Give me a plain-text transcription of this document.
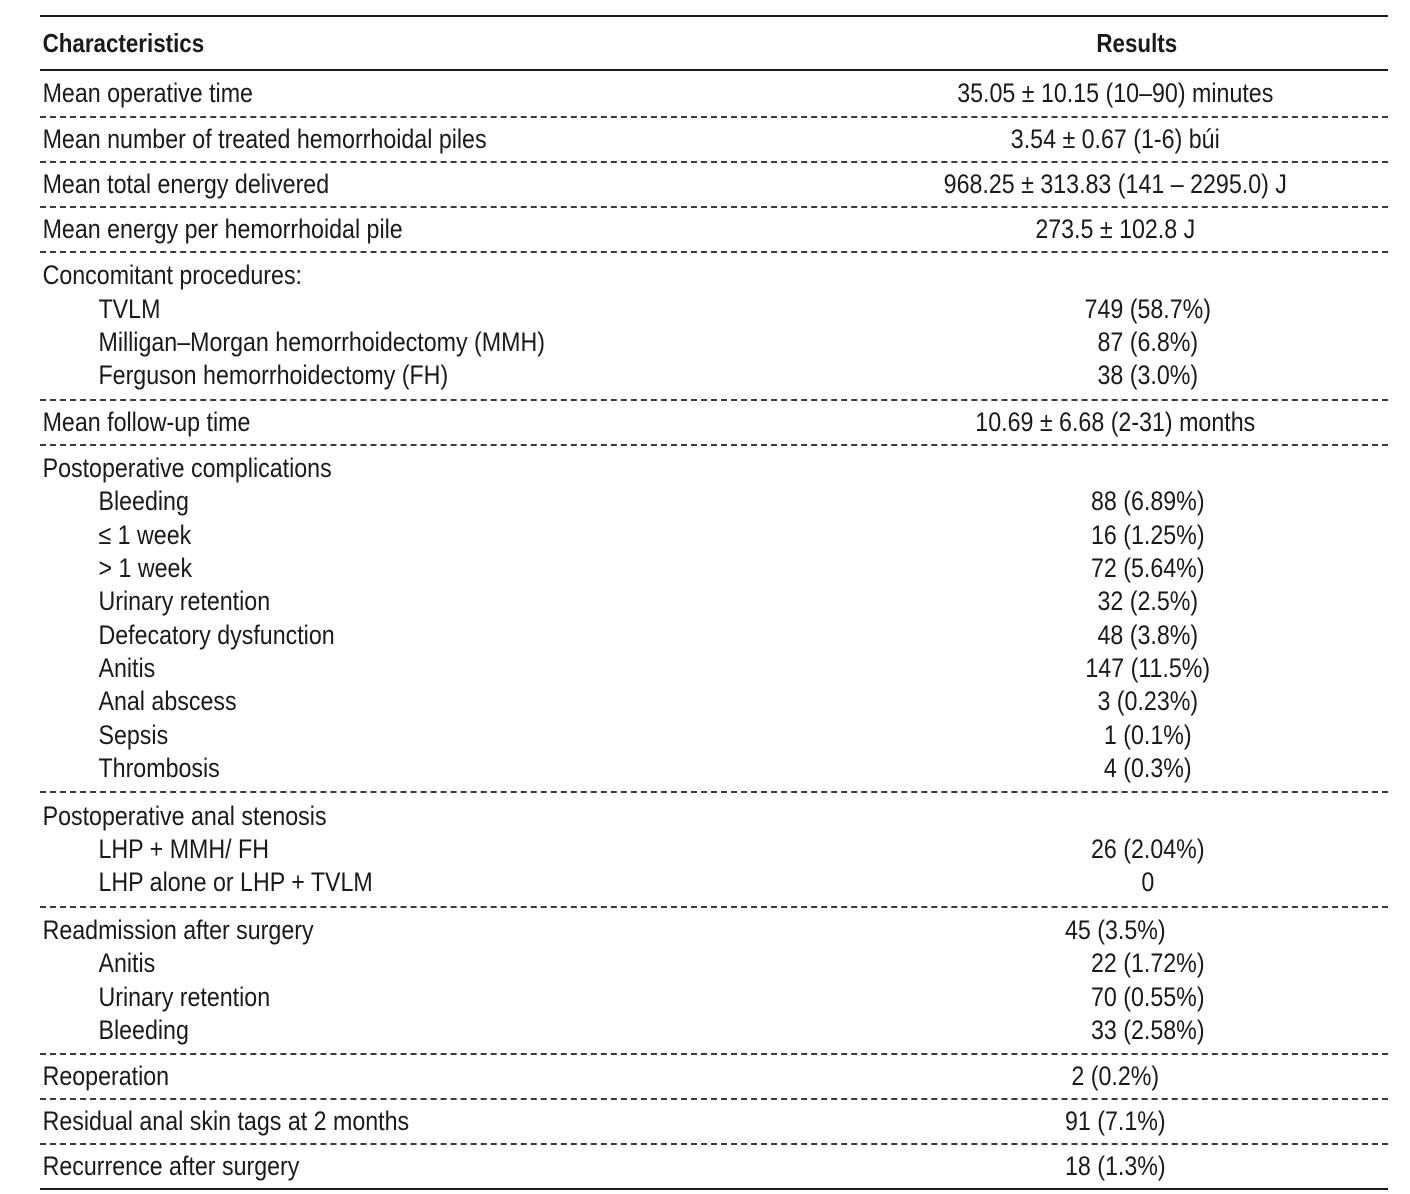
Characteristics	Results
Mean operative time	35.05 ± 10.15 (10–90) minutes
Mean number of treated hemorrhoidal piles	3.54 ± 0.67 (1-6) búi
Mean total energy delivered	968.25 ± 313.83 (141 – 2295.0) J
Mean energy per hemorrhoidal pile	273.5 ± 102.8 J
Concomitant procedures:
TVLM	749 (58.7%)
Milligan–Morgan hemorrhoidectomy (MMH)	87 (6.8%)
Ferguson hemorrhoidectomy (FH)	38 (3.0%)
Mean follow-up time	10.69 ± 6.68 (2-31) months
Postoperative complications
Bleeding	88 (6.89%)
≤ 1 week	16 (1.25%)
> 1 week	72 (5.64%)
Urinary retention	32 (2.5%)
Defecatory dysfunction	48 (3.8%)
Anitis	147 (11.5%)
Anal abscess	3 (0.23%)
Sepsis	1 (0.1%)
Thrombosis	4 (0.3%)
Postoperative anal stenosis
LHP + MMH/ FH	26 (2.04%)
LHP alone or LHP + TVLM	0
Readmission after surgery	45 (3.5%)
Anitis	22 (1.72%)
Urinary retention	70 (0.55%)
Bleeding	33 (2.58%)
Reoperation	2 (0.2%)
Residual anal skin tags at 2 months	91 (7.1%)
Recurrence after surgery	18 (1.3%)
